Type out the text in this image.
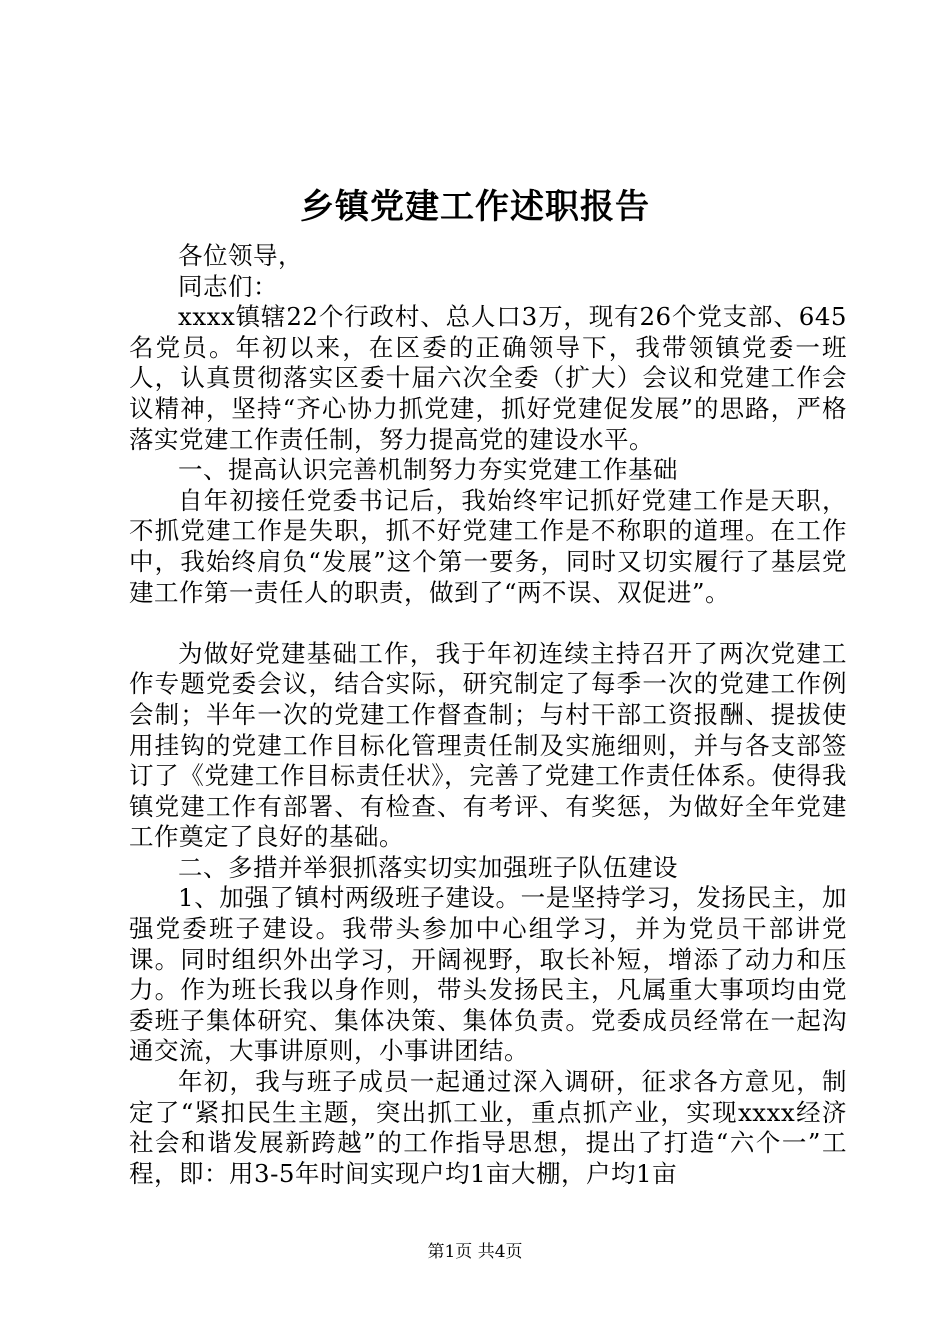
乡镇党建工作述职报告

各位领导，

同志们：

xxxx镇辖22个行政村、总人口3万，现有26个党支部、645名党员。年初以来，在区委的正确领导下，我带领镇党委一班人，认真贯彻落实区委十届六次全委（扩大）会议和党建工作会议精神，坚持“齐心协力抓党建，抓好党建促发展”的思路，严格落实党建工作责任制，努力提高党的建设水平。

一、提高认识完善机制努力夯实党建工作基础

自年初接任党委书记后，我始终牢记抓好党建工作是天职，不抓党建工作是失职，抓不好党建工作是不称职的道理。在工作中，我始终肩负“发展”这个第一要务，同时又切实履行了基层党建工作第一责任人的职责，做到了“两不误、双促进”。

为做好党建基础工作，我于年初连续主持召开了两次党建工作专题党委会议，结合实际，研究制定了每季一次的党建工作例会制；半年一次的党建工作督查制；与村干部工资报酬、提拔使用挂钩的党建工作目标化管理责任制及实施细则，并与各支部签订了《党建工作目标责任状》，完善了党建工作责任体系。使得我镇党建工作有部署、有检查、有考评、有奖惩，为做好全年党建工作奠定了良好的基础。

二、多措并举狠抓落实切实加强班子队伍建设

1、加强了镇村两级班子建设。一是坚持学习，发扬民主，加强党委班子建设。我带头参加中心组学习，并为党员干部讲党课。同时组织外出学习，开阔视野，取长补短，增添了动力和压力。作为班长我以身作则，带头发扬民主，凡属重大事项均由党委班子集体研究、集体决策、集体负责。党委成员经常在一起沟通交流，大事讲原则，小事讲团结。

年初，我与班子成员一起通过深入调研，征求各方意见，制定了“紧扣民生主题，突出抓工业，重点抓产业，实现xxxx经济社会和谐发展新跨越”的工作指导思想，提出了打造“六个一”工程，即：用3-5年时间实现户均1亩大棚，户均1亩

第1页 共4页
